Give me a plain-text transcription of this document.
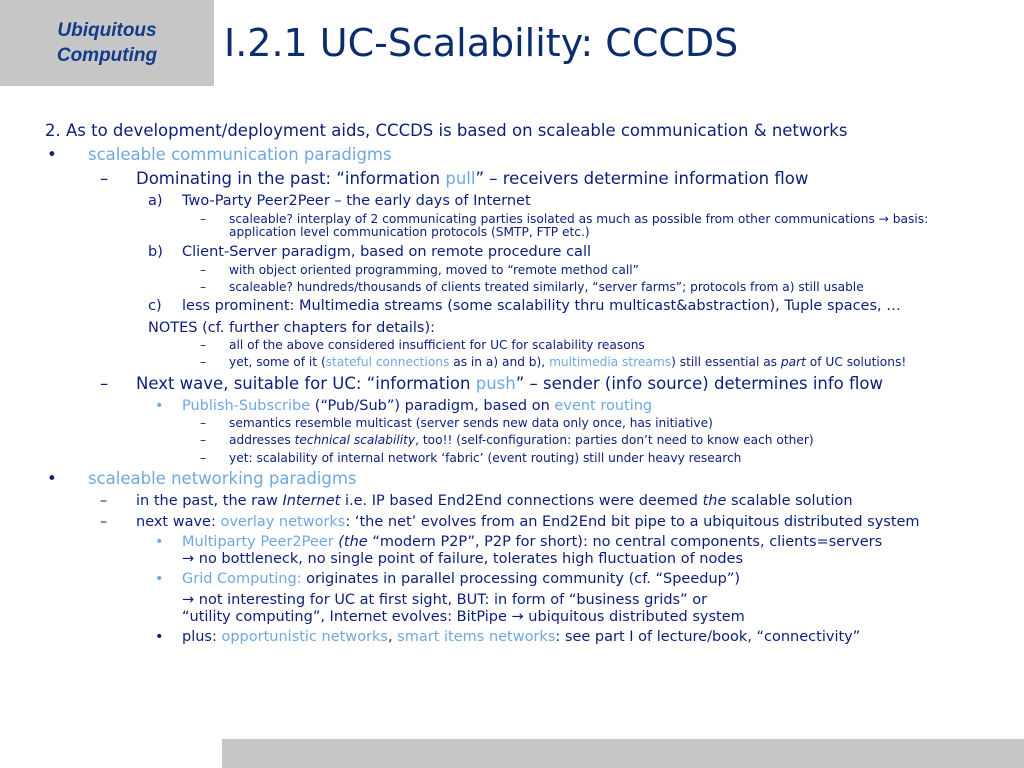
Ubiquitous
Computing	I.2.1 UC-Scalability: CCCDS
2. As to development/deployment aids, CCCDS is based on scaleable communication & networks
• scaleable communication paradigms
– Dominating in the past: “information pull” – receivers determine information flow
a) Two-Party Peer2Peer – the early days of Internet
– scaleable? interplay of 2 communicating parties isolated as much as possible from other communications → basis:
application level communication protocols (SMTP, FTP etc.)
b) Client-Server paradigm, based on remote procedure call
– with object oriented programming, moved to “remote method call”
– scaleable? hundreds/thousands of clients treated similarly, “server farms”; protocols from a) still usable
c) less prominent: Multimedia streams (some scalability thru multicast&abstraction), Tuple spaces, …
NOTES (cf. further chapters for details):
– all of the above considered insufficient for UC for scalability reasons
– yet, some of it (stateful connections as in a) and b), multimedia streams) still essential as part of UC solutions!
– Next wave, suitable for UC: “information push” – sender (info source) determines info flow
• Publish-Subscribe (“Pub/Sub”) paradigm, based on event routing
– semantics resemble multicast (server sends new data only once, has initiative)
– addresses technical scalability, too!! (self-configuration: parties don’t need to know each other)
– yet: scalability of internal network ‘fabric’ (event routing) still under heavy research
• scaleable networking paradigms
– in the past, the raw Internet i.e. IP based End2End connections were deemed the scalable solution
– next wave: overlay networks: ‘the net’ evolves from an End2End bit pipe to a ubiquitous distributed system
• Multiparty Peer2Peer (the “modern P2P”, P2P for short): no central components, clients=servers
→ no bottleneck, no single point of failure, tolerates high fluctuation of nodes
• Grid Computing: originates in parallel processing community (cf. “Speedup”)
→ not interesting for UC at first sight, BUT: in form of “business grids” or
“utility computing”, Internet evolves: BitPipe → ubiquitous distributed system
• plus: opportunistic networks, smart items networks: see part I of lecture/book, “connectivity”
